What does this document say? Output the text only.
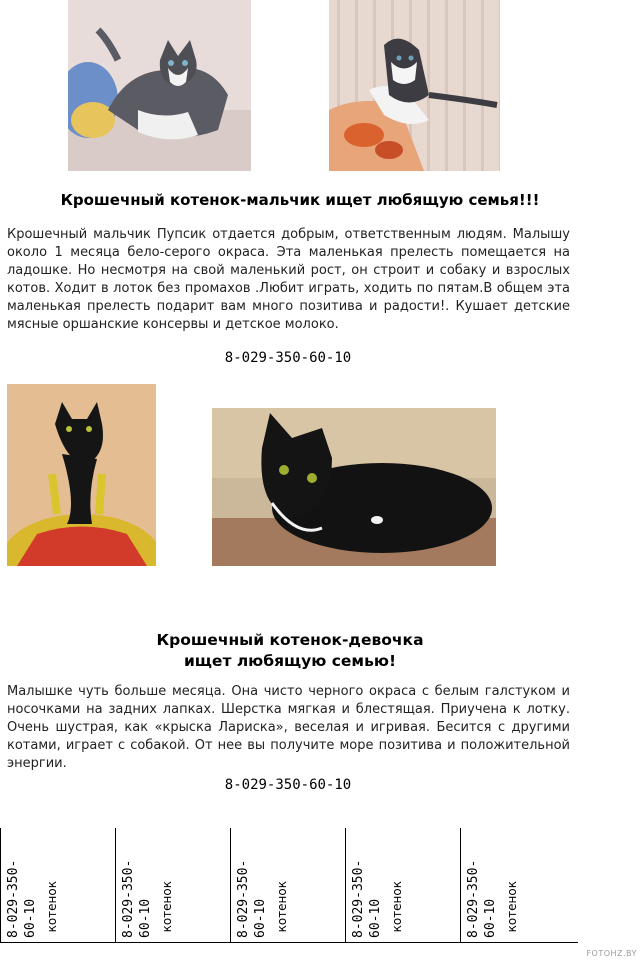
Крошечный котенок-мальчик ищет любящую семья!!!

Крошечный мальчик Пупсик отдается добрым, ответственным людям. Малышу около 1 месяца бело-серого окраса. Эта маленькая прелесть помещается на ладошке. Но несмотря на свой маленький рост, он строит и собаку и взрослых котов. Ходит в лоток без промахов .Любит играть, ходить по пятам.В общем эта маленькая прелесть подарит вам много позитива и радости!. Кушает детские мясные оршанские консервы и детское молоко.

8-029-350-60-10

Крошечный котенок-девочка
ищет любящую семью!

Малышке чуть больше месяца. Она чисто черного окраса с белым галстуком и носочками на задних лапках. Шерстка мягкая и блестящая. Приучена к лотку. Очень шустрая, как «крыска Лариска», веселая и игривая. Бесится с другими котами, играет с собакой. От нее вы получите море позитива и положительной энергии.

8-029-350-60-10

8-029-350- 60-10 котенок	8-029-350- 60-10 котенок	8-029-350- 60-10 котенок	8-029-350- 60-10 котенок	8-029-350- 60-10 котенок
FOTOHZ.BY
